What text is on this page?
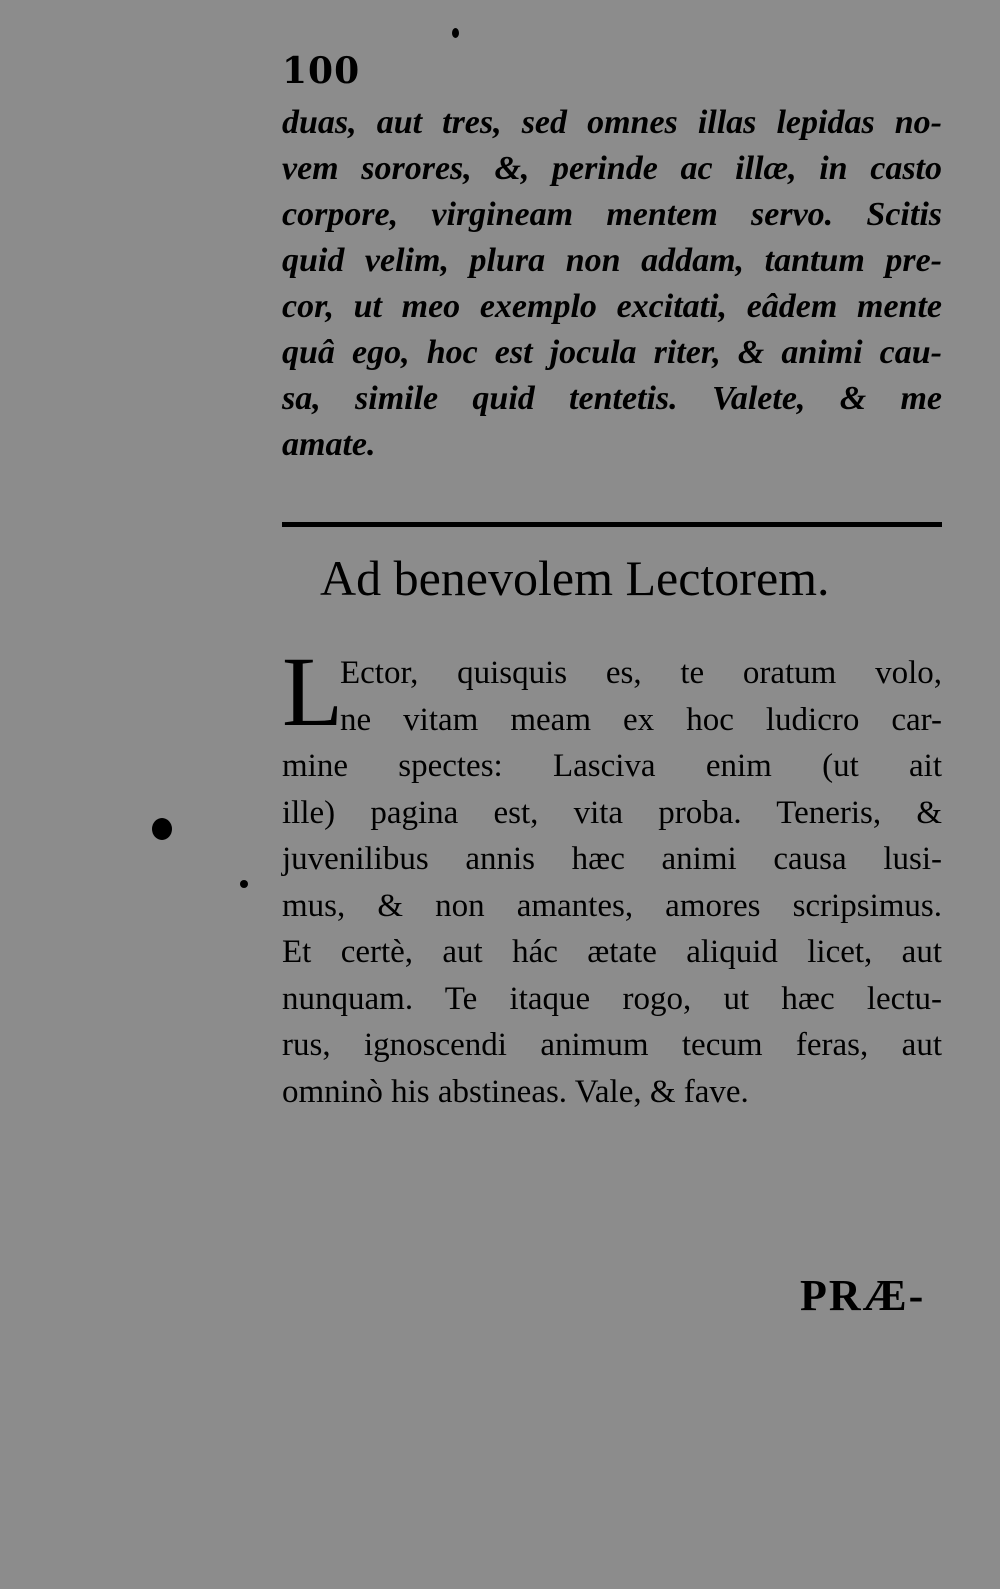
100
duas, aut tres, sed omnes illas lepidas no-
vem sorores, &, perinde ac illæ, in casto
corpore, virgineam mentem servo. Scitis
quid velim, plura non addam, tantum pre-
cor, ut meo exemplo excitati, eâdem mente
quâ ego, hoc est jocula riter, & animi cau-
sa, simile quid tentetis. Valete, & me
amate.
Ad benevolem Lectorem.
L
Ector, quisquis es, te oratum volo,
ne vitam meam ex hoc ludicro car-
mine spectes: Lasciva enim (ut ait
ille) pagina est, vita proba. Teneris, &
juvenilibus annis hæc animi causa lusi-
mus, & non amantes, amores scripsimus.
Et certè, aut hác ætate aliquid licet, aut
nunquam. Te itaque rogo, ut hæc lectu-
rus, ignoscendi animum tecum feras, aut
omninò his abstineas. Vale, & fave.
PRÆ-
